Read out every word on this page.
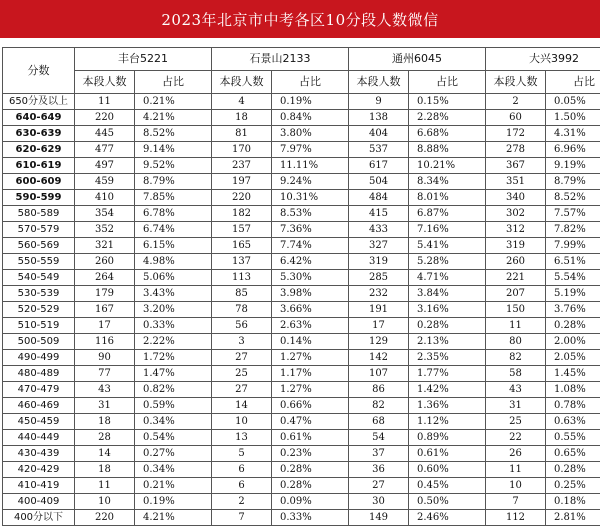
2023年北京市中考各区10分段人数微信
分数	丰台5221		石景山2133		通州6045		大兴3992	
	本段人数	占比	本段人数	占比	本段人数	占比	本段人数	占比
650分及以上	11	0.21%	4	0.19%	9	0.15%	2	0.05%
640-649	220	4.21%	18	0.84%	138	2.28%	60	1.50%
630-639	445	8.52%	81	3.80%	404	6.68%	172	4.31%
620-629	477	9.14%	170	7.97%	537	8.88%	278	6.96%
610-619	497	9.52%	237	11.11%	617	10.21%	367	9.19%
600-609	459	8.79%	197	9.24%	504	8.34%	351	8.79%
590-599	410	7.85%	220	10.31%	484	8.01%	340	8.52%
580-589	354	6.78%	182	8.53%	415	6.87%	302	7.57%
570-579	352	6.74%	157	7.36%	433	7.16%	312	7.82%
560-569	321	6.15%	165	7.74%	327	5.41%	319	7.99%
550-559	260	4.98%	137	6.42%	319	5.28%	260	6.51%
540-549	264	5.06%	113	5.30%	285	4.71%	221	5.54%
530-539	179	3.43%	85	3.98%	232	3.84%	207	5.19%
520-529	167	3.20%	78	3.66%	191	3.16%	150	3.76%
510-519	17	0.33%	56	2.63%	17	0.28%	11	0.28%
500-509	116	2.22%	3	0.14%	129	2.13%	80	2.00%
490-499	90	1.72%	27	1.27%	142	2.35%	82	2.05%
480-489	77	1.47%	25	1.17%	107	1.77%	58	1.45%
470-479	43	0.82%	27	1.27%	86	1.42%	43	1.08%
460-469	31	0.59%	14	0.66%	82	1.36%	31	0.78%
450-459	18	0.34%	10	0.47%	68	1.12%	25	0.63%
440-449	28	0.54%	13	0.61%	54	0.89%	22	0.55%
430-439	14	0.27%	5	0.23%	37	0.61%	26	0.65%
420-429	18	0.34%	6	0.28%	36	0.60%	11	0.28%
410-419	11	0.21%	6	0.28%	27	0.45%	10	0.25%
400-409	10	0.19%	2	0.09%	30	0.50%	7	0.18%
400分以下	220	4.21%	7	0.33%	149	2.46%	112	2.81%
